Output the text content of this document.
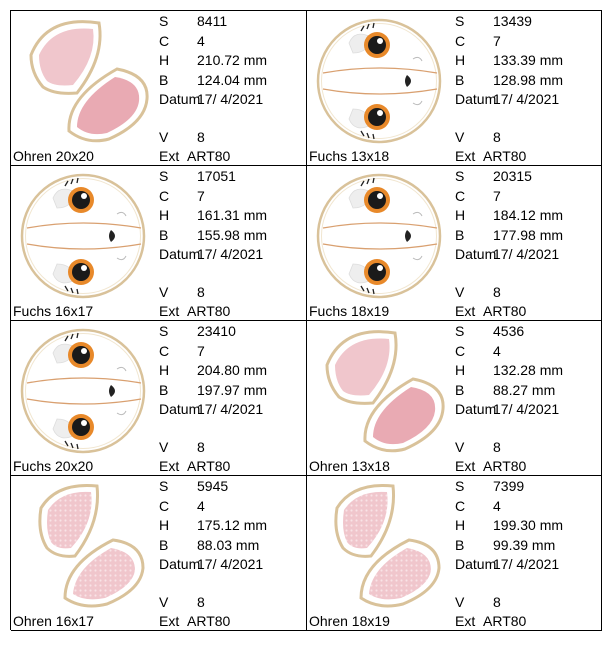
Ohren 20x20
S 8411
C 4
H 210.72 mm
B 124.04 mm
Datum
17/ 4/2021
V 8
Ext ART80	Fuchs 13x18
S 13439
C 7
H 133.39 mm
B 128.98 mm
Datum
17/ 4/2021
V 8
Ext ART80
Fuchs 16x17
S 17051
C 7
H 161.31 mm
B 155.98 mm
Datum
17/ 4/2021
V 8
Ext ART80	Fuchs 18x19
S 20315
C 7
H 184.12 mm
B 177.98 mm
Datum
17/ 4/2021
V 8
Ext ART80
Fuchs 20x20
S 23410
C 7
H 204.80 mm
B 197.97 mm
Datum
17/ 4/2021
V 8
Ext ART80	Ohren 13x18
S 4536
C 4
H 132.28 mm
B 88.27 mm
Datum
17/ 4/2021
V 8
Ext ART80
Ohren 16x17
S 5945
C 4
H 175.12 mm
B 88.03 mm
Datum
17/ 4/2021
V 8
Ext ART80	Ohren 18x19
S 7399
C 4
H 199.30 mm
B 99.39 mm
Datum
17/ 4/2021
V 8
Ext ART80
